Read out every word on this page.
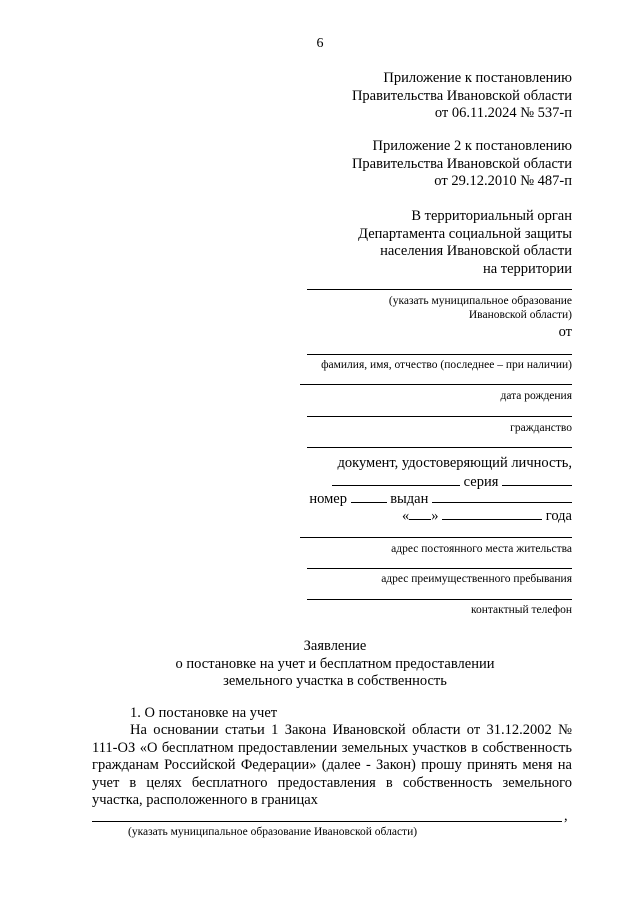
6
Приложение к постановлению
Правительства Ивановской области
от 06.11.2024 № 537-п
Приложение 2 к постановлению
Правительства Ивановской области
от 29.12.2010 № 487-п
В территориальный орган
Департамента социальной защиты
населения Ивановской области
на территории
(указать муниципальное образование
Ивановской области)
от
фамилия, имя, отчество (последнее – при наличии)
дата рождения
гражданство
документ, удостоверяющий личность,
серия
номер	выдан
« »	года
адрес постоянного места жительства
адрес преимущественного пребывания
контактный телефон
Заявление
о постановке на учет и бесплатном предоставлении
земельного участка в собственность
1. О постановке на учет
На основании статьи 1 Закона Ивановской области от 31.12.2002 № 111-ОЗ «О бесплатном предоставлении земельных участков в собственность гражданам Российской Федерации» (далее - Закон) прошу принять меня на учет в целях бесплатного предоставления в собственность земельного участка, расположенного в границах
,
(указать муниципальное образование Ивановской области)
